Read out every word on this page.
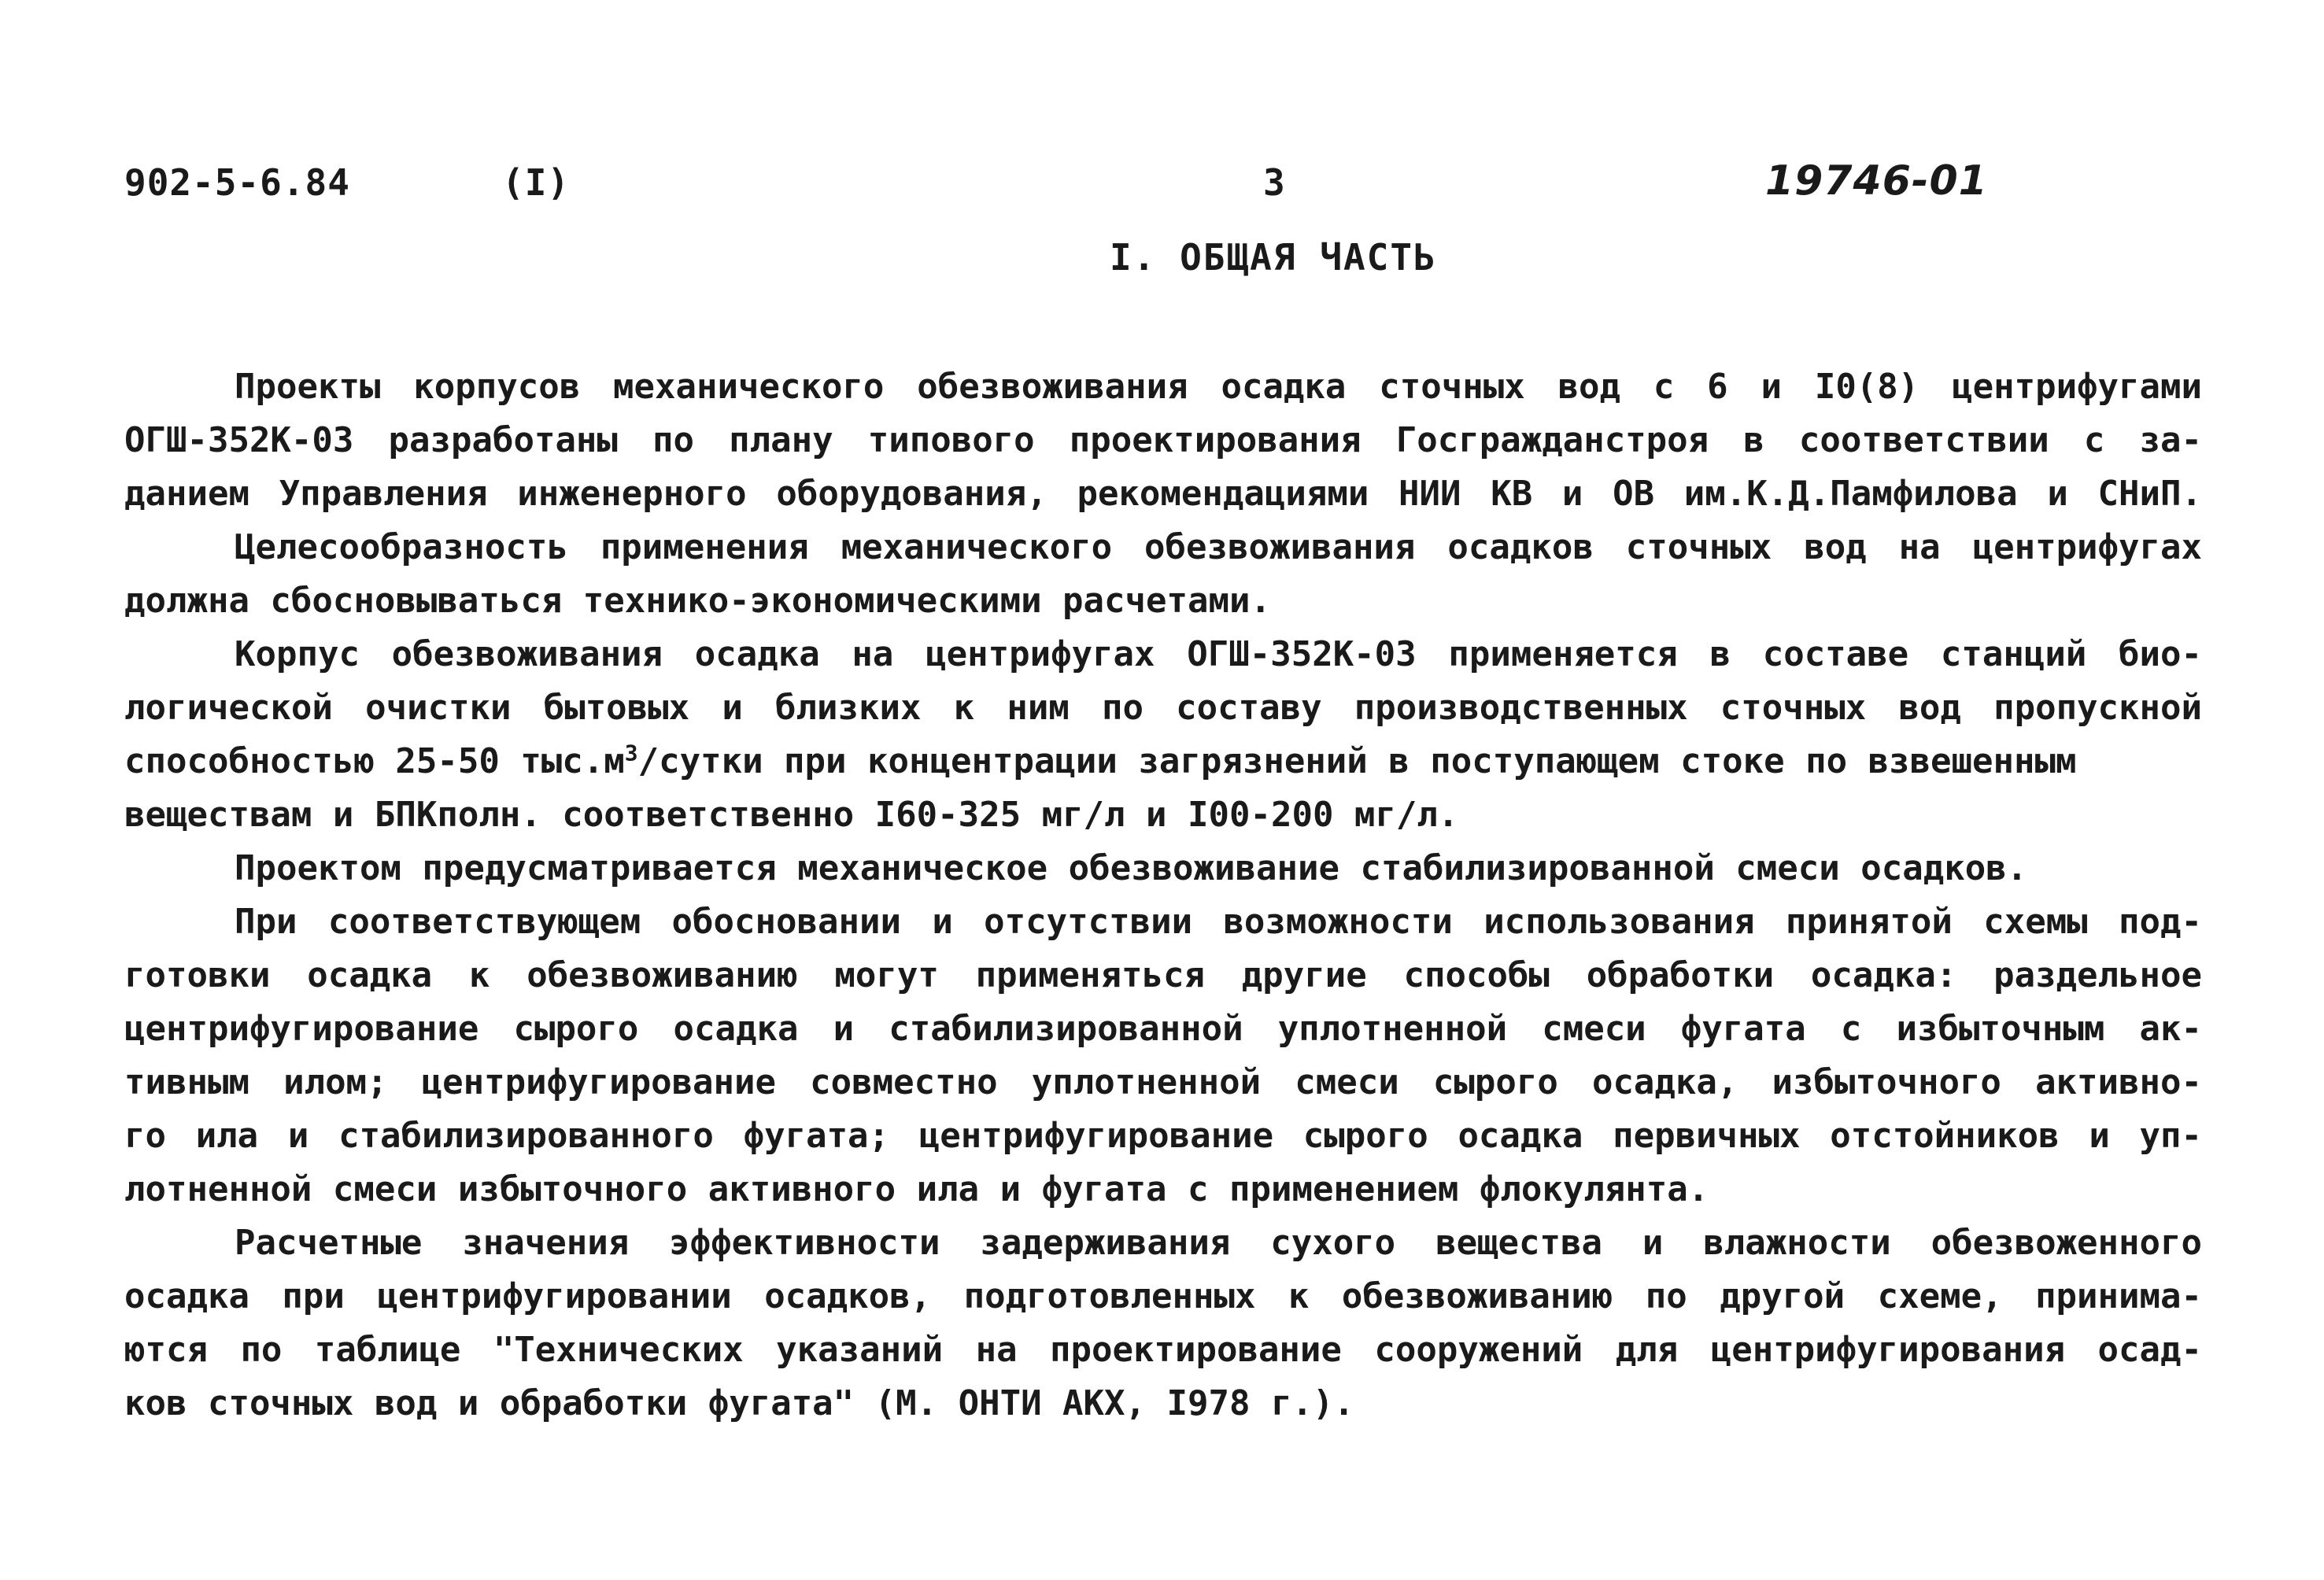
902-5-6.84	(I)	3	19746-01
I. ОБЩАЯ ЧАСТЬ
Проекты корпусов механического обезвоживания осадка сточных вод с 6 и I0(8) центрифугами
ОГШ-352К-03 разработаны по плану типового проектирования Госгражданстроя в соответствии с за-
данием Управления инженерного оборудования, рекомендациями НИИ КВ и ОВ им.К.Д.Памфилова и СНиП.
Целесообразность применения механического обезвоживания осадков сточных вод на центрифугах
должна сбосновываться технико-экономическими расчетами.
Корпус обезвоживания осадка на центрифугах ОГШ-352К-03 применяется в составе станций био-
логической очистки бытовых и близких к ним по составу производственных сточных вод пропускной
способностью 25-50 $тыс.м^3$/сутки при концентрации загрязнений в поступающем стоке по взвешенным
веществам и БПКполн. соответственно I60-325 мг/л и I00-200 мг/л.
Проектом предусматривается механическое обезвоживание стабилизированной смеси осадков.
При соответствующем обосновании и отсутствии возможности использования принятой схемы под-
готовки осадка к обезвоживанию могут применяться другие способы обработки осадка: раздельное
центрифугирование сырого осадка и стабилизированной уплотненной смеси фугата с избыточным ак-
тивным илом; центрифугирование совместно уплотненной смеси сырого осадка, избыточного активно-
го ила и стабилизированного фугата; центрифугирование сырого осадка первичных отстойников и уп-
лотненной смеси избыточного активного ила и фугата с применением флокулянта.
Расчетные значения эффективности задерживания сухого вещества и влажности обезвоженного
осадка при центрифугировании осадков, подготовленных к обезвоживанию по другой схеме, принима-
ются по таблице "Технических указаний на проектирование сооружений для центрифугирования осад-
ков сточных вод и обработки фугата" (М. ОНТИ АКХ, I978 г.).
